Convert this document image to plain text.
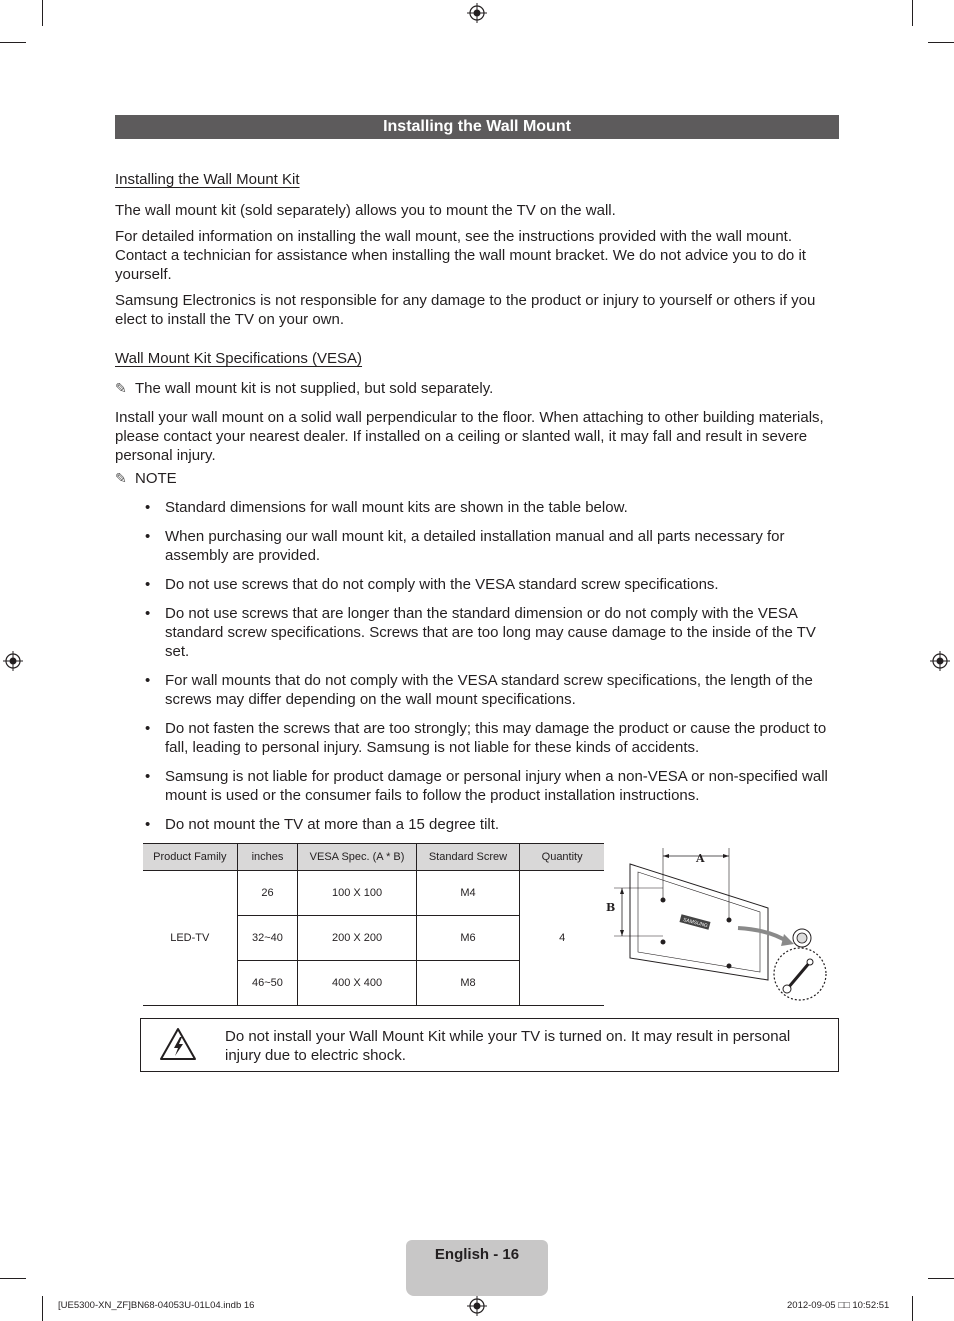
Installing the Wall Mount
Installing the Wall Mount Kit

The wall mount kit (sold separately) allows you to mount the TV on the wall.

For detailed information on installing the wall mount, see the instructions provided with the wall mount. Contact a technician for assistance when installing the wall mount bracket. We do not advice you to do it yourself.

Samsung Electronics is not responsible for any damage to the product or injury to yourself or others if you elect to install the TV on your own.

Wall Mount Kit Specifications (VESA)
✎ The wall mount kit is not supplied, but sold separately.

Install your wall mount on a solid wall perpendicular to the floor. When attaching to other building materials, please contact your nearest dealer. If installed on a ceiling or slanted wall, it may fall and result in severe personal injury.

✎ NOTE
• Standard dimensions for wall mount kits are shown in the table below.
• When purchasing our wall mount kit, a detailed installation manual and all parts necessary for assembly are provided.
• Do not use screws that do not comply with the VESA standard screw specifications.
• Do not use screws that are longer than the standard dimension or do not comply with the VESA standard screw specifications. Screws that are too long may cause damage to the inside of the TV set.
• For wall mounts that do not comply with the VESA standard screw specifications, the length of the screws may differ depending on the wall mount specifications.
• Do not fasten the screws that are too strongly; this may damage the product or cause the product to fall, leading to personal injury. Samsung is not liable for these kinds of accidents.
• Samsung is not liable for product damage or personal injury when a non-VESA or non-specified wall mount is used or the consumer fails to follow the product installation instructions.
• Do not mount the TV at more than a 15 degree tilt.
Product Family	inches	VESA Spec. (A * B)	Standard Screw	Quantity
LED-TV	26	100 X 100	M4	4
	32~40	200 X 200	M6	
	46~50	400 X 400	M8	
A
B
SAMSUNG
Do not install your Wall Mount Kit while your TV is turned on. It may result in personal injury due to electric shock.
English - 16
[UE5300-XN_ZF]BN68-04053U-01L04.indb 16	2012-09-05 □□ 10:52:51
